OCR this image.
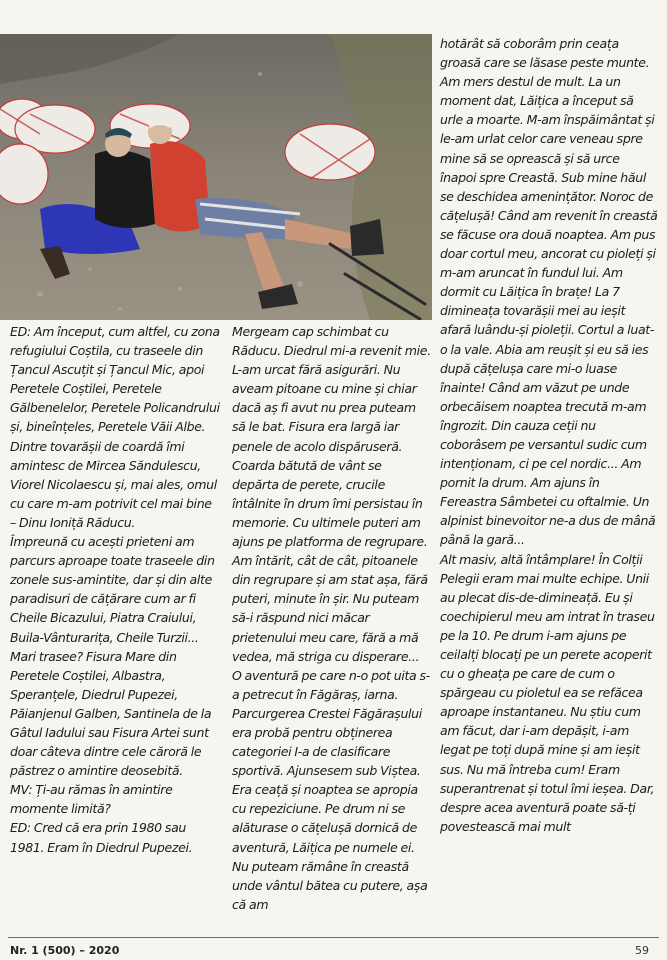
ED: Am început, cum altfel, cu zona refugiului Coștila, cu traseele din Țancul Ascuțit și Țancul Mic, apoi Peretele Coștilei, Peretele Gălbenelelor, Peretele Policandrului și, bineînțeles, Peretele Văii Albe. Dintre tovarășii de coardă îmi amintesc de Mircea Săndulescu, Viorel Nicolaescu și, mai ales, omul cu care m-am potrivit cel mai bine – Dinu Ioniță Răducu.

Împreună cu acești prieteni am parcurs aproape toate traseele din zonele sus-amintite, dar și din alte paradisuri de cățărare cum ar fi Cheile Bicazului, Piatra Craiului, Buila-Vânturarița, Cheile Turzii... Mari trasee? Fisura Mare din Peretele Coștilei, Albastra, Speranțele, Diedrul Pupezei, Păianjenul Galben, Santinela de la Gâtul Iadului sau Fisura Artei sunt doar câteva dintre cele căroră le păstrez o amintire deosebită.

MV: Ți-au rămas în amintire momente limită?

ED: Cred că era prin 1980 sau 1981. Eram în Diedrul Pupezei.

Mergeam cap schimbat cu Răducu. Diedrul mi-a revenit mie. L-am urcat fără asigurări. Nu aveam pitoane cu mine și chiar dacă aș fi avut nu prea puteam să le bat. Fisura era largă iar penele de acolo dispăruseră. Coarda bătută de vânt se depărta de perete, crucile întâlnite în drum îmi persistau în memorie. Cu ultimele puteri am ajuns pe platforma de regrupare. Am întărit, cât de cât, pitoanele din regrupare și am stat așa, fără puteri, minute în șir. Nu puteam să-i răspund nici măcar prietenului meu care, fără a mă vedea, mă striga cu disperare...

O aventură pe care n-o pot uita s-a petrecut în Făgăraș, iarna. Parcurgerea Crestei Făgărașului era probă pentru obținerea categoriei I-a de clasificare sportivă. Ajunsesem sub Viștea. Era ceață și noaptea se apropia cu repeziciune. Pe drum ni se alăturase o cățelușă dornică de aventură, Lăițica pe numele ei. Nu puteam rămâne în creastă unde vântul bătea cu putere, așa că am

hotărât să coborâm prin ceața groasă care se lăsase peste munte. Am mers destul de mult. La un moment dat, Lăițica a început să urle a moarte. M-am înspăimântat și le-am urlat celor care veneau spre mine să se oprească și să urce înapoi spre Creastă. Sub mine hăul se deschidea amenințător. Noroc de cățelușă! Când am revenit în creastă se făcuse ora două noaptea. Am pus doar cortul meu, ancorat cu pioleți și m-am aruncat în fundul lui. Am dormit cu Lăițica în brațe! La 7 dimineața tovarășii mei au ieșit afară luându-și pioleții. Cortul a luat-o la vale. Abia am reușit și eu să ies după cățelușa care mi-o luase înainte! Când am văzut pe unde orbecăisem noaptea trecută m-am îngrozit. Din cauza ceții nu coborâsem pe versantul sudic cum intenționam, ci pe cel nordic... Am pornit la drum. Am ajuns în Fereastra Sâmbetei cu oftalmie. Un alpinist binevoitor ne-a dus de mână până la gară...

Alt masiv, altă întâmplare! În Colții Pelegii eram mai multe echipe. Unii au plecat dis-de-dimineață. Eu și coechipierul meu am intrat în traseu pe la 10. Pe drum i-am ajuns pe ceilalți blocați pe un perete acoperit cu o gheața pe care de cum o spărgeau cu pioletul ea se refăcea aproape instantaneu. Nu știu cum am făcut, dar i-am depășit, i-am legat pe toți după mine și am ieșit sus. Nu mă întreba cum! Eram superantrenat și totul îmi ieșea. Dar, despre acea aventură poate să-ți povestească mai mult

Nr. 1 (500) – 2020	59
